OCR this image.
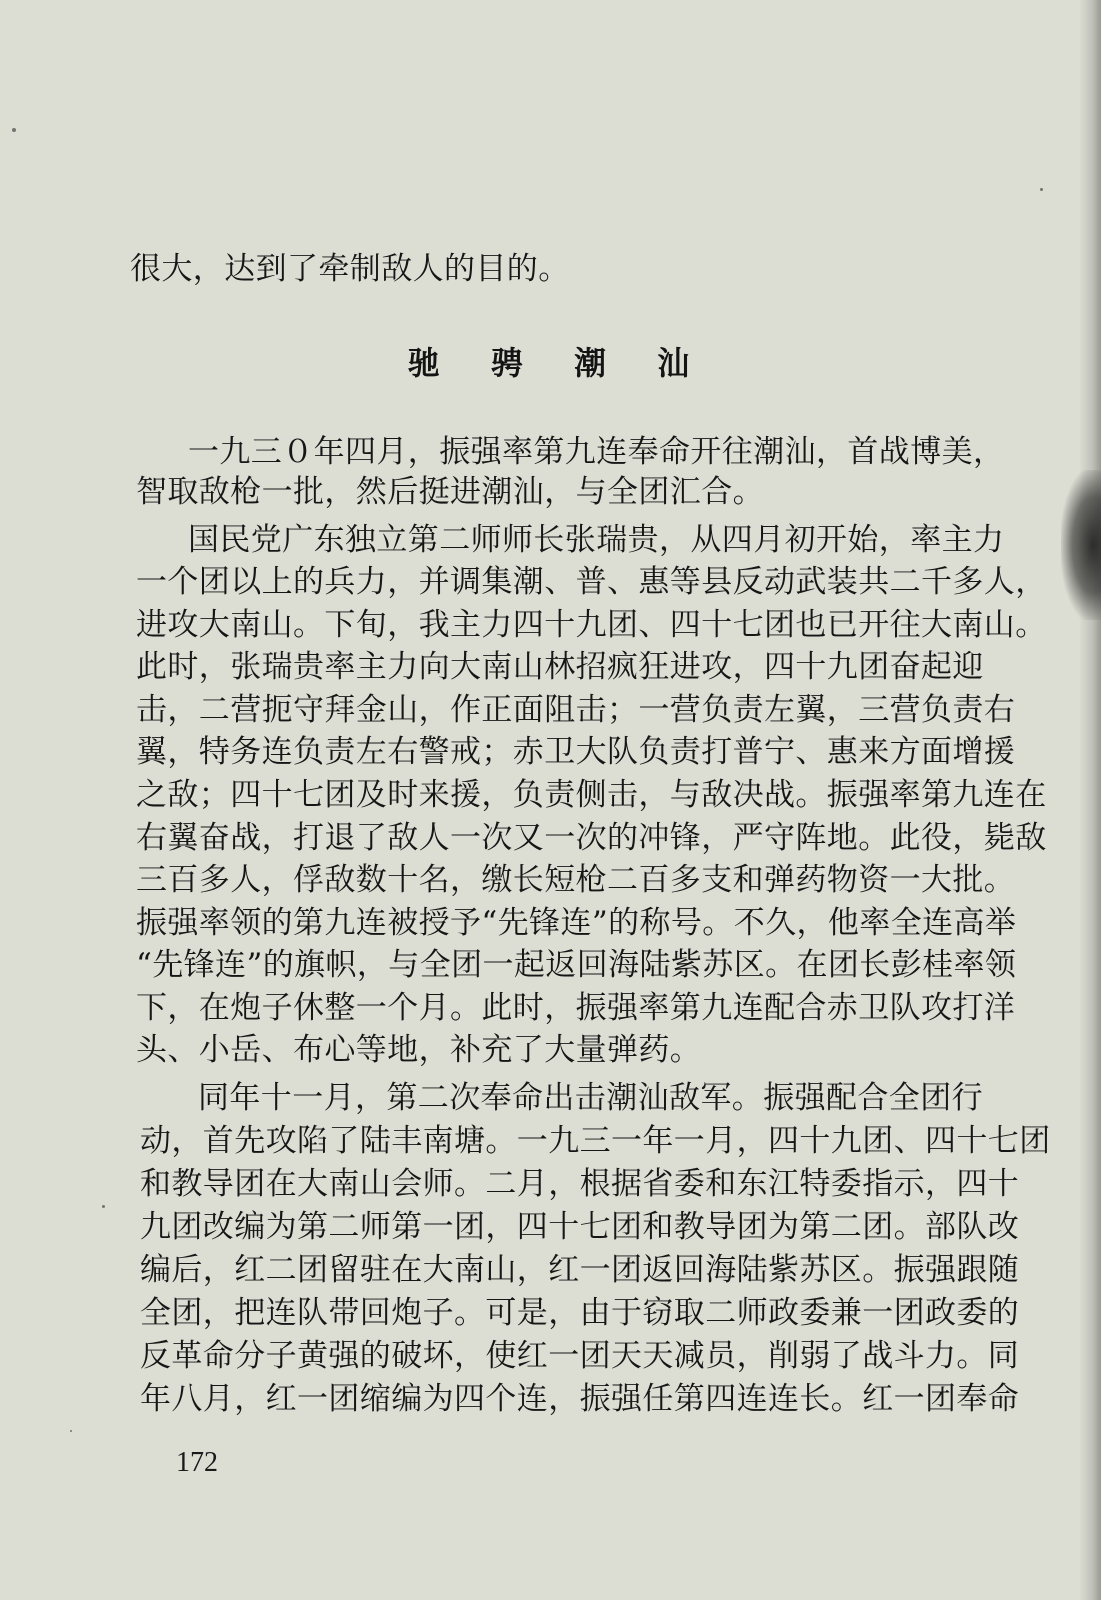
很大，达到了牵制敌人的目的。
驰 骋 潮 汕
一九三０年四月，振强率第九连奉命开往潮汕，首战博美，
智取敌枪一批，然后挺进潮汕，与全团汇合。
国民党广东独立第二师师长张瑞贵，从四月初开始，率主力
一个团以上的兵力，并调集潮、普、惠等县反动武装共二千多人，
进攻大南山。下旬，我主力四十九团、四十七团也已开往大南山。
此时，张瑞贵率主力向大南山林招疯狂进攻，四十九团奋起迎
击，二营扼守拜金山，作正面阻击；一营负责左翼，三营负责右
翼，特务连负责左右警戒；赤卫大队负责打普宁、惠来方面增援
之敌；四十七团及时来援，负责侧击，与敌决战。振强率第九连在
右翼奋战，打退了敌人一次又一次的冲锋，严守阵地。此役，毙敌
三百多人，俘敌数十名，缴长短枪二百多支和弹药物资一大批。
振强率领的第九连被授予“先锋连”的称号。不久，他率全连高举
“先锋连”的旗帜，与全团一起返回海陆紫苏区。在团长彭桂率领
下，在炮子休整一个月。此时，振强率第九连配合赤卫队攻打洋
头、小岳、布心等地，补充了大量弹药。
同年十一月，第二次奉命出击潮汕敌军。振强配合全团行
动，首先攻陷了陆丰南塘。一九三一年一月，四十九团、四十七团
和教导团在大南山会师。二月，根据省委和东江特委指示，四十
九团改编为第二师第一团，四十七团和教导团为第二团。部队改
编后，红二团留驻在大南山，红一团返回海陆紫苏区。振强跟随
全团，把连队带回炮子。可是，由于窃取二师政委兼一团政委的
反革命分子黄强的破坏，使红一团天天减员，削弱了战斗力。同
年八月，红一团缩编为四个连，振强任第四连连长。红一团奉命
172
